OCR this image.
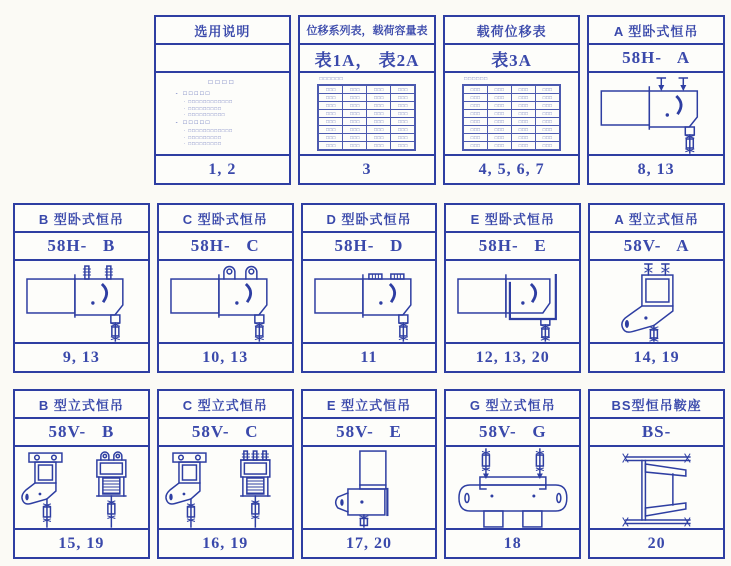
选用说明
□□□□
- □□□□□
· □□□□□□□□□□□□
· □□□□□□□□□
· □□□□□□□□□□
- □□□□□
· □□□□□□□□□□□□
· □□□□□□□□□
· □□□□□□□□□
1, 2
位移系列表，载荷容量表
表1A， 表2A
□□□□□□
□□□	□□□	□□□	□□□
□□□	□□□	□□□	□□□
□□□	□□□	□□□	□□□
□□□	□□□	□□□	□□□
□□□	□□□	□□□	□□□
□□□	□□□	□□□	□□□
□□□	□□□	□□□	□□□
□□□	□□□	□□□	□□□
3
载荷位移表
表3A
□□□□□□
□□□	□□□	□□□	□□□
□□□	□□□	□□□	□□□
□□□	□□□	□□□	□□□
□□□	□□□	□□□	□□□
□□□	□□□	□□□	□□□
□□□	□□□	□□□	□□□
□□□	□□□	□□□	□□□
□□□	□□□	□□□	□□□
4, 5, 6, 7
A 型卧式恒吊
58H-   A
8, 13
B 型卧式恒吊
58H-   B
9, 13
C 型卧式恒吊
58H-   C
10, 13
D 型卧式恒吊
58H-   D
11
E 型卧式恒吊
58H-   E
12, 13, 20
A 型立式恒吊
58V-   A
14, 19
B 型立式恒吊
58V-   B
15, 19
C 型立式恒吊
58V-   C
16, 19
E 型立式恒吊
58V-   E
17, 20
G 型立式恒吊
58V-   G
18
BS型恒吊鞍座
BS-
20
